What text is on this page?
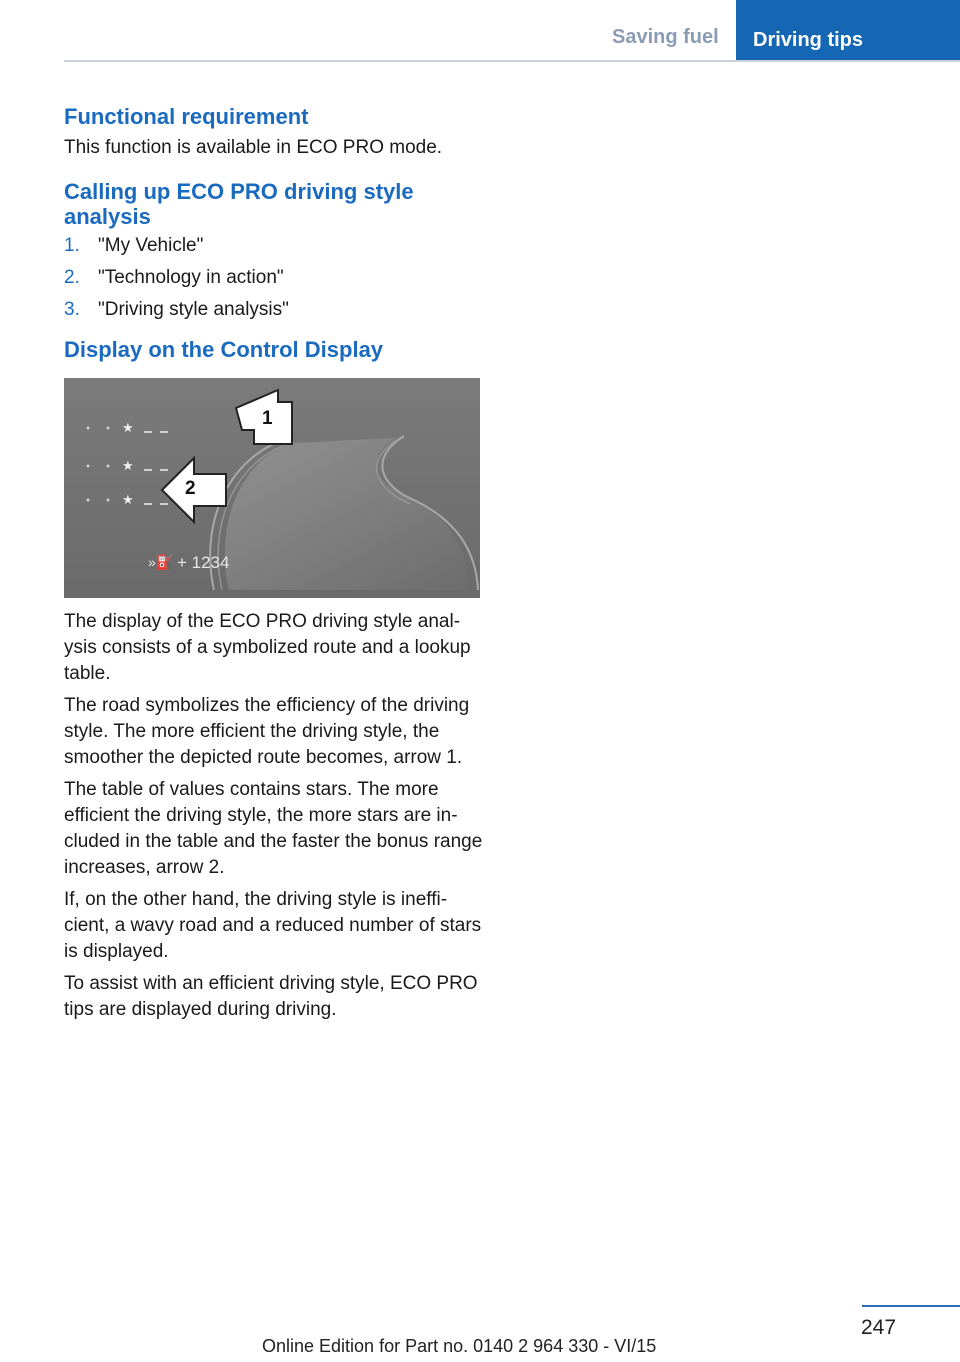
Saving fuel	Driving tips
Functional requirement

This function is available in ECO PRO mode.

Calling up ECO PRO driving style analysis
1. "My Vehicle"
2. "Technology in action"
3. "Driving style analysis"
Display on the Control Display
★
★
★
1
2
»⛽ + 1234

The display of the ECO PRO driving style analysis consists of a symbolized route and a lookup table.

The road symbolizes the efficiency of the driving style. The more efficient the driving style, the smoother the depicted route becomes, arrow 1.

The table of values contains stars. The more efficient the driving style, the more stars are included in the table and the faster the bonus range increases, arrow 2.

If, on the other hand, the driving style is inefficient, a wavy road and a reduced number of stars is displayed.

To assist with an efficient driving style, ECO PRO tips are displayed during driving.

247
Online Edition for Part no. 0140 2 964 330 - VI/15
